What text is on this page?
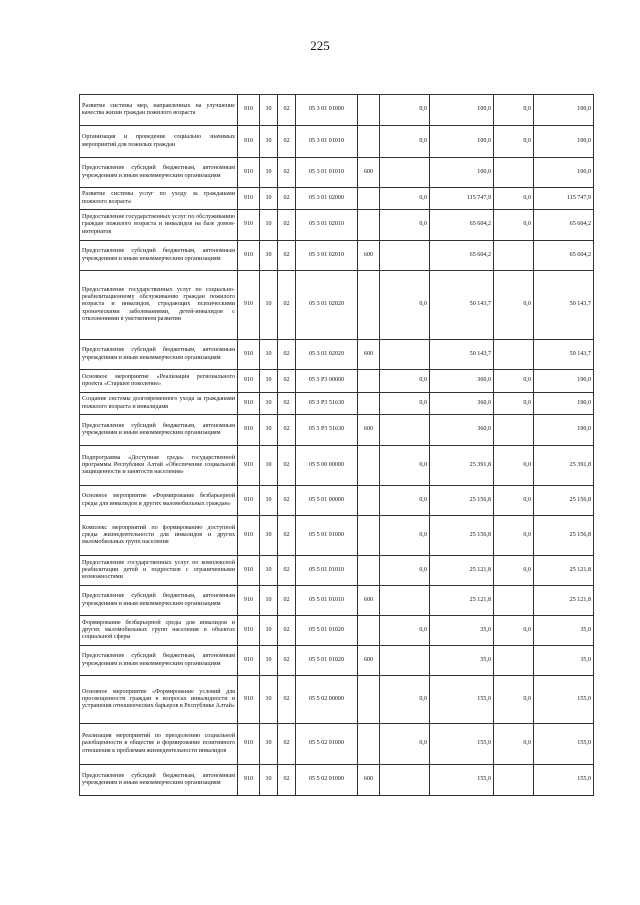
225
Развитие системы мер, направленных на улучшение качества жизни граждан пожилого возраста	910	10	02	05 3 01 01000		0,0	100,0	0,0	100,0
Организация и проведение социально значимых мероприятий для пожилых граждан	910	10	02	05 3 01 01010		0,0	100,0	0,0	100,0
Предоставление субсидий бюджетным, автономным учреждениям и иным некоммерческим организациям	910	10	02	05 3 01 01010	600		100,0		100,0
Развитие системы услуг по уходу за гражданами пожилого возраста	910	10	02	05 3 01 02000		0,0	115 747,9	0,0	115 747,9
Предоставление государственных услуг по обслуживанию граждан пожилого возраста и инвалидов на базе домов-интернатов	910	10	02	05 3 01 02010		0,0	65 604,2	0,0	65 604,2
Предоставление субсидий бюджетным, автономным учреждениям и иным некоммерческим организациям	910	10	02	05 3 01 02010	600		65 604,2		65 604,2
Предоставление государственных услуг по социально-реабилитационному обслуживанию граждан пожилого возраста и инвалидов, страдающих психическими хроническими заболеваниями, детей-инвалидов с отклонениями в умственном развитии	910	10	02	05 3 01 02020		0,0	50 143,7	0,0	50 143,7
Предоставление субсидий бюджетным, автономным учреждениям и иным некоммерческим организациям	910	10	02	05 3 01 02020	600		50 143,7		50 143,7
Основное мероприятие «Реализация регионального проекта «Старшее поколение»	910	10	02	05 3 P3 00000		0,0	360,0	0,0	190,0
Создание системы долговременного ухода за гражданами пожилого возраста и инвалидами	910	10	02	05 3 P3 51630		0,0	360,0	0,0	190,0
Предоставление субсидий бюджетным, автономным учреждениям и иным некоммерческим организациям	910	10	02	05 3 P3 51630	600		360,0		190,0
Подпрограмма «Доступная среда» государственной программы Республики Алтай «Обеспечение социальной защищенности и занятости населения»	910	10	02	05 5 00 00000		0,0	25 391,8	0,0	25 391,8
Основное мероприятие «Формирование безбарьерной среды для инвалидов и других маломобильных граждан»	910	10	02	05 5 01 00000		0,0	25 156,8	0,0	25 156,8
Комплекс мероприятий по формированию доступной среды жизнедеятельности для инвалидов и других маломобильных групп населения	910	10	02	05 5 01 01000		0,0	25 156,8	0,0	25 156,8
Предоставление государственных услуг по комплексной реабилитации детей и подростков с ограниченными возможностями	910	10	02	05 5 01 01010		0,0	25 121,8	0,0	25 121,8
Предоставление субсидий бюджетным, автономным учреждениям и иным некоммерческим организациям	910	10	02	05 5 01 01010	600		25 121,8		25 121,8
Формирование безбарьерной среды для инвалидов и других маломобильных групп населения в объектах социальной сферы	910	10	02	05 5 01 01020		0,0	35,0	0,0	35,0
Предоставление субсидий бюджетным, автономным учреждениям и иным некоммерческим организациям	910	10	02	05 5 01 01020	600		35,0		35,0
Основное мероприятие «Формирование условий для просвещенности граждан в вопросах инвалидности и устранения отношенческих барьеров в Республике Алтай»	910	10	02	05 5 02 00000		0,0	155,0	0,0	155,0
Реализация мероприятий по преодолению социальной разобщенности в обществе и формирование позитивного отношения к проблемам жизнедеятельности инвалидов	910	10	02	05 5 02 01000		0,0	155,0	0,0	155,0
Предоставление субсидий бюджетным, автономным учреждениям и иным некоммерческим организациям	910	10	02	05 5 02 01000	600		155,0		155,0
